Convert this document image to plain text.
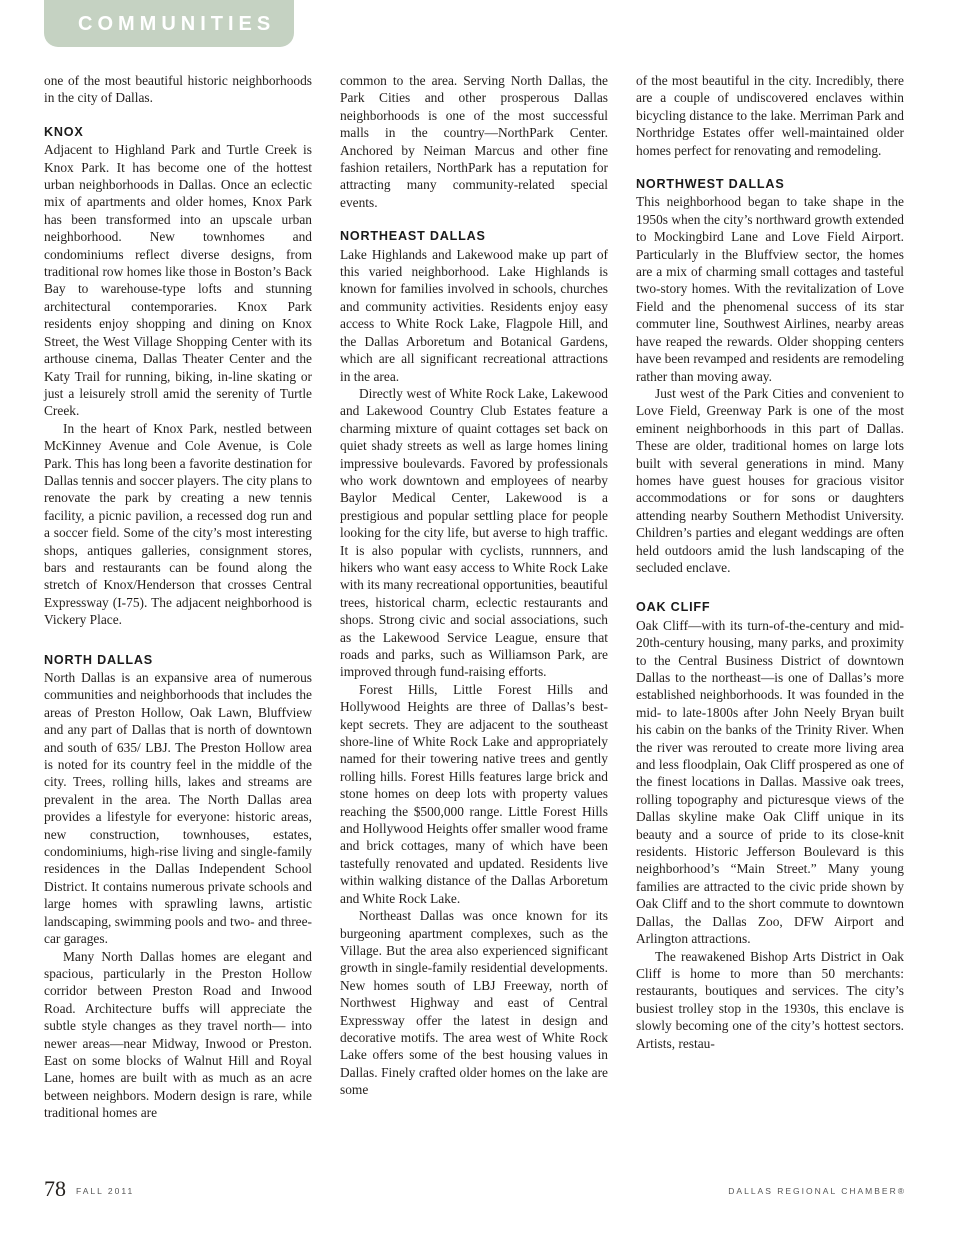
COMMUNITIES

one of the most beautiful historic neighborhoods in the city of Dallas.

KNOX

Adjacent to Highland Park and Turtle Creek is Knox Park. It has become one of the hottest urban neighborhoods in Dallas. Once an eclectic mix of apartments and older homes, Knox Park has been transformed into an upscale urban neighborhood. New townhomes and condominiums reflect diverse designs, from traditional row homes like those in Boston’s Back Bay to warehouse-type lofts and stunning architectural contemporaries. Knox Park residents enjoy shopping and dining on Knox Street, the West Village Shopping Center with its arthouse cinema, Dallas Theater Center and the Katy Trail for running, biking, in-line skating or just a leisurely stroll amid the serenity of Turtle Creek.

In the heart of Knox Park, nestled between McKinney Avenue and Cole Avenue, is Cole Park. This has long been a favorite destination for Dallas tennis and soccer players. The city plans to renovate the park by creating a new tennis facility, a picnic pavilion, a recessed dog run and a soccer field. Some of the city’s most interesting shops, antiques galleries, consignment stores, bars and restaurants can be found along the stretch of Knox/Henderson that crosses Central Expressway (I-75). The adjacent neighborhood is Vickery Place.

NORTH DALLAS

North Dallas is an expansive area of numerous communities and neighborhoods that includes the areas of Preston Hollow, Oak Lawn, Bluffview and any part of Dallas that is north of downtown and south of 635/ LBJ. The Preston Hollow area is noted for its country feel in the middle of the city. Trees, rolling hills, lakes and streams are prevalent in the area. The North Dallas area provides a lifestyle for everyone: historic areas, new construction, townhouses, estates, condominiums, high-rise living and single-family residences in the Dallas Independent School District. It contains numerous private schools and large homes with sprawling lawns, artistic landscaping, swimming pools and two- and three-car garages.

Many North Dallas homes are elegant and spacious, particularly in the Preston Hollow corridor between Preston Road and Inwood Road. Architecture buffs will appreciate the subtle style changes as they travel north— into newer areas—near Midway, Inwood or Preston. East on some blocks of Walnut Hill and Royal Lane, homes are built with as much as an acre between neighbors. Modern design is rare, while traditional homes are

common to the area. Serving North Dallas, the Park Cities and other prosperous Dallas neighborhoods is one of the most successful malls in the country—NorthPark Center. Anchored by Neiman Marcus and other fine fashion retailers, NorthPark has a reputation for attracting many community-related special events.

NORTHEAST DALLAS

Lake Highlands and Lakewood make up part of this varied neighborhood. Lake Highlands is known for families involved in schools, churches and community activities. Residents enjoy easy access to White Rock Lake, Flagpole Hill, and the Dallas Arboretum and Botanical Gardens, which are all significant recreational attractions in the area.

Directly west of White Rock Lake, Lakewood and Lakewood Country Club Estates feature a charming mixture of quaint cottages set back on quiet shady streets as well as large homes lining impressive boulevards. Favored by professionals who work downtown and employees of nearby Baylor Medical Center, Lakewood is a prestigious and popular settling place for people looking for the city life, but averse to high traffic. It is also popular with cyclists, runnners, and hikers who want easy access to White Rock Lake with its many recreational opportunities, beautiful trees, historical charm, eclectic restaurants and shops. Strong civic and social associations, such as the Lakewood Service League, ensure that roads and parks, such as Williamson Park, are improved through fund-raising efforts.

Forest Hills, Little Forest Hills and Hollywood Heights are three of Dallas’s best-kept secrets. They are adjacent to the southeast shore-line of White Rock Lake and appropriately named for their towering native trees and gently rolling hills. Forest Hills features large brick and stone homes on deep lots with property values reaching the $500,000 range. Little Forest Hills and Hollywood Heights offer smaller wood frame and brick cottages, many of which have been tastefully renovated and updated. Residents live within walking distance of the Dallas Arboretum and White Rock Lake.

Northeast Dallas was once known for its burgeoning apartment complexes, such as the Village. But the area also experienced significant growth in single-family residential developments. New homes south of LBJ Freeway, north of Northwest Highway and east of Central Expressway offer the latest in design and decorative motifs. The area west of White Rock Lake offers some of the best housing values in Dallas. Finely crafted older homes on the lake are some

of the most beautiful in the city. Incredibly, there are a couple of undiscovered enclaves within bicycling distance to the lake. Merriman Park and Northridge Estates offer well-maintained older homes perfect for renovating and remodeling.

NORTHWEST DALLAS

This neighborhood began to take shape in the 1950s when the city’s northward growth extended to Mockingbird Lane and Love Field Airport. Particularly in the Bluffview sector, the homes are a mix of charming small cottages and tasteful two-story homes. With the revitalization of Love Field and the phenomenal success of its star commuter line, Southwest Airlines, nearby areas have reaped the rewards. Older shopping centers have been revamped and residents are remodeling rather than moving away.

Just west of the Park Cities and convenient to Love Field, Greenway Park is one of the most eminent neighborhoods in this part of Dallas. These are older, traditional homes on large lots built with several generations in mind. Many homes have guest houses for gracious visitor accommodations or for sons or daughters attending nearby Southern Methodist University. Children’s parties and elegant weddings are often held outdoors amid the lush landscaping of the secluded enclave.

OAK CLIFF

Oak Cliff—with its turn-of-the-century and mid-20th-century housing, many parks, and proximity to the Central Business District of downtown Dallas to the northeast—is one of Dallas’s more established neighborhoods. It was founded in the mid- to late-1800s after John Neely Bryan built his cabin on the banks of the Trinity River. When the river was rerouted to create more living area and less floodplain, Oak Cliff prospered as one of the finest locations in Dallas. Massive oak trees, rolling topography and picturesque views of the Dallas skyline make Oak Cliff unique in its beauty and a source of pride to its close-knit residents. Historic Jefferson Boulevard is this neighborhood’s “Main Street.” Many young families are attracted to the civic pride shown by Oak Cliff and to the short commute to downtown Dallas, the Dallas Zoo, DFW Airport and Arlington attractions.

The reawakened Bishop Arts District in Oak Cliff is home to more than 50 merchants: restaurants, boutiques and services. The city’s busiest trolley stop in the 1930s, this enclave is slowly becoming one of the city’s hottest sectors. Artists, restau-

78 FALL 2011	DALLAS REGIONAL CHAMBER®
